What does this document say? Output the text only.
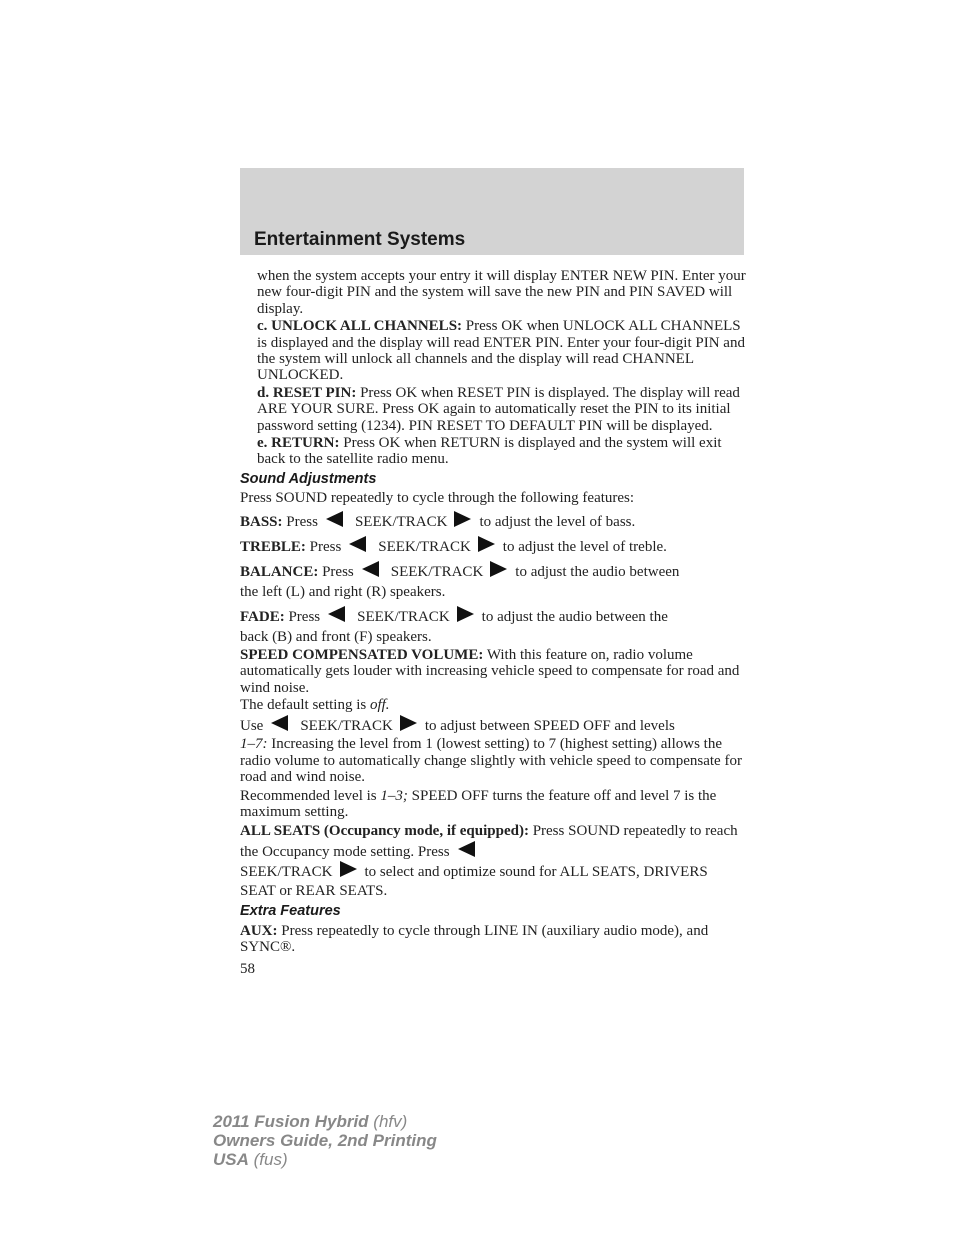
Entertainment Systems

when the system accepts your entry it will display ENTER NEW PIN. Enter your new four-digit PIN and the system will save the new PIN and PIN SAVED will display.

c. UNLOCK ALL CHANNELS: Press OK when UNLOCK ALL CHANNELS is displayed and the display will read ENTER PIN. Enter your four-digit PIN and the system will unlock all channels and the display will read CHANNEL UNLOCKED.

d. RESET PIN: Press OK when RESET PIN is displayed. The display will read ARE YOUR SURE. Press OK again to automatically reset the PIN to its initial password setting (1234). PIN RESET TO DEFAULT PIN will be displayed.

e. RETURN: Press OK when RETURN is displayed and the system will exit back to the satellite radio menu.

Sound Adjustments

Press SOUND repeatedly to cycle through the following features:

BASS: Press SEEK/TRACK to adjust the level of bass.

TREBLE: Press SEEK/TRACK to adjust the level of treble.

BALANCE: Press SEEK/TRACK to adjust the audio between
the left (L) and right (R) speakers.

FADE: Press SEEK/TRACK to adjust the audio between the
back (B) and front (F) speakers.

SPEED COMPENSATED VOLUME: With this feature on, radio volume automatically gets louder with increasing vehicle speed to compensate for road and wind noise.

The default setting is off.

Use SEEK/TRACK to adjust between SPEED OFF and levels

1–7: Increasing the level from 1 (lowest setting) to 7 (highest setting) allows the radio volume to automatically change slightly with vehicle speed to compensate for road and wind noise.

Recommended level is 1–3; SPEED OFF turns the feature off and level 7 is the maximum setting.

ALL SEATS (Occupancy mode, if equipped): Press SOUND repeatedly to reach the Occupancy mode setting. Press
SEEK/TRACK to select and optimize sound for ALL SEATS, DRIVERS SEAT or REAR SEATS.

Extra Features

AUX: Press repeatedly to cycle through LINE IN (auxiliary audio mode), and SYNC®.

58
2011 Fusion Hybrid (hfv)
Owners Guide, 2nd Printing
USA (fus)
